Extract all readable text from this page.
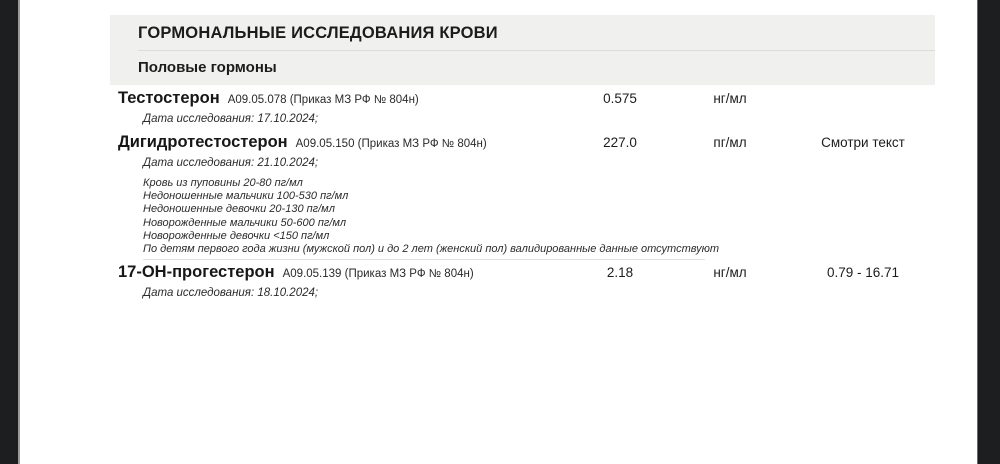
ГОРМОНАЛЬНЫЕ ИССЛЕДОВАНИЯ КРОВИ
Половые гормоны
Тестостерон А09.05.078 (Приказ МЗ РФ № 804н)	0.575	нг/мл
Дата исследования: 17.10.2024;
Дигидротестостерон А09.05.150 (Приказ МЗ РФ № 804н)	227.0	пг/мл	Смотри текст
Дата исследования: 21.10.2024;
Кровь из пуповины 20-80 пг/мл
Недоношенные мальчики 100-530 пг/мл
Недоношенные девочки 20-130 пг/мл
Новорожденные мальчики 50-600 пг/мл
Новорожденные девочки <150 пг/мл
По детям первого года жизни (мужской пол) и до 2 лет (женский пол) валидированные данные отсутствуют
17-ОН-прогестерон А09.05.139 (Приказ МЗ РФ № 804н)	2.18	нг/мл	0.79 - 16.71
Дата исследования: 18.10.2024;
